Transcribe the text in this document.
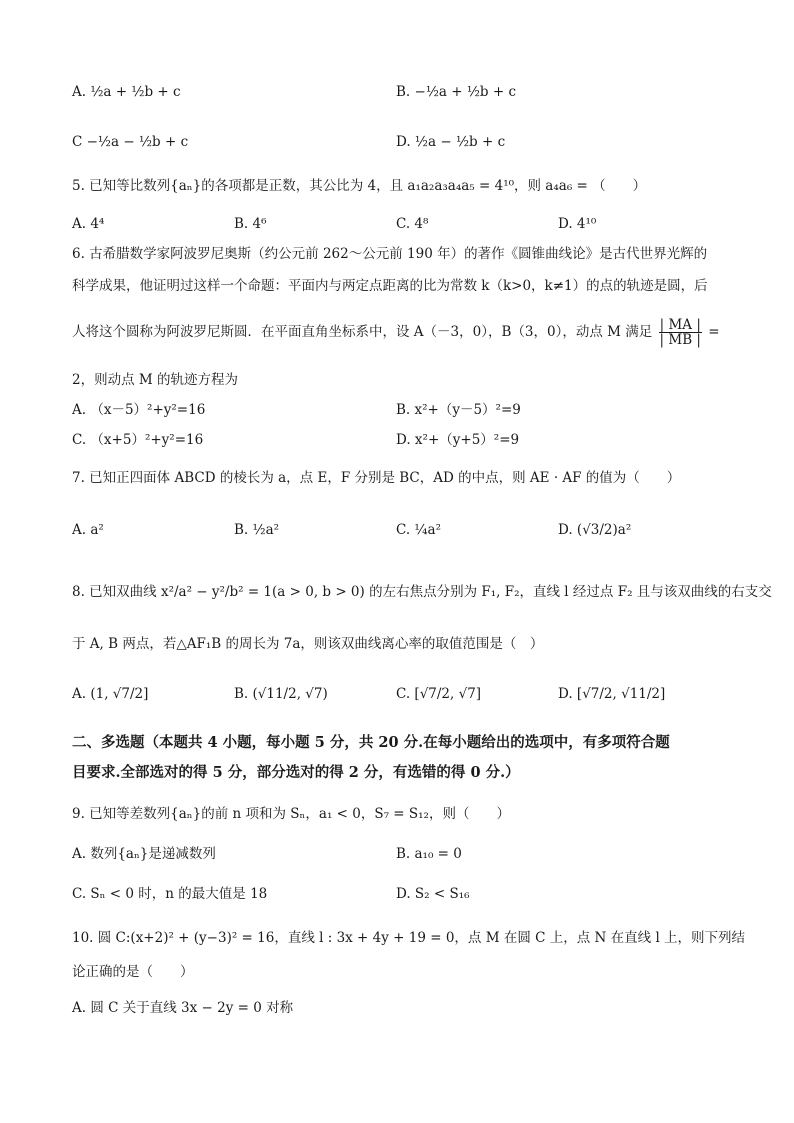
A. ½a + ½b + c	B. −½a + ½b + c
C −½a − ½b + c	D. ½a − ½b + c
5. 已知等比数列{aₙ}的各项都是正数，其公比为 4，且 a₁a₂a₃a₄a₅ = 4¹⁰，则 a₄a₆ = （　　）
A. 4⁴	B. 4⁶	C. 4⁸	D. 4¹⁰
6. 古希腊数学家阿波罗尼奥斯（约公元前 262～公元前 190 年）的著作《圆锥曲线论》是古代世界光辉的
科学成果，他证明过这样一个命题：平面内与两定点距离的比为常数 k（k>0，k≠1）的点的轨迹是圆，后
人将这个圆称为阿波罗尼斯圆．在平面直角坐标系中，设 A（－3，0），B（3，0），动点 M 满足 $\frac{| MA |}{| MB |}$ =
2，则动点 M 的轨迹方程为
A. （x－5）²+y²=16	B. x²+（y－5）²=9
C. （x+5）²+y²=16	D. x²+（y+5）²=9
7. 已知正四面体 ABCD 的棱长为 a，点 E，F 分别是 BC，AD 的中点，则 AE · AF 的值为（　　）
A. a²	B. ½a²	C. ¼a²	D. (√3/2)a²
8. 已知双曲线 x²/a² − y²/b² = 1(a > 0, b > 0) 的左右焦点分别为 F₁, F₂，直线 l 经过点 F₂ 且与该双曲线的右支交
于 A, B 两点，若△AF₁B 的周长为 7a，则该双曲线离心率的取值范围是（　）
A. (1, √7/2]	B. (√11/2, √7)	C. [√7/2, √7]	D. [√7/2, √11/2]
二、多选题（本题共 4 小题，每小题 5 分，共 20 分.在每小题给出的选项中，有多项符合题
目要求.全部选对的得 5 分，部分选对的得 2 分，有选错的得 0 分.）
9. 已知等差数列{aₙ}的前 n 项和为 Sₙ，a₁ < 0，S₇ = S₁₂，则（　　）
A. 数列{aₙ}是递减数列	B. a₁₀ = 0
C. Sₙ < 0 时，n 的最大值是 18	D. S₂ < S₁₆
10. 圆 C:(x+2)² + (y−3)² = 16，直线 l : 3x + 4y + 19 = 0，点 M 在圆 C 上，点 N 在直线 l 上，则下列结
论正确的是（　　）
A. 圆 C 关于直线 3x − 2y = 0 对称
